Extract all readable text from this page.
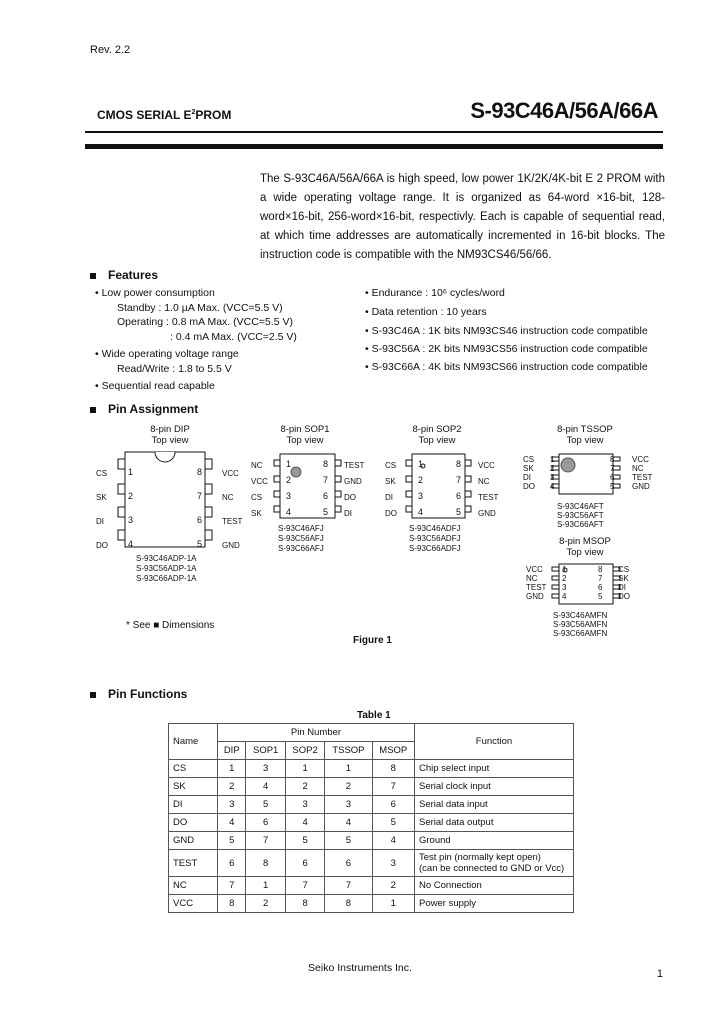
Rev. 2.2
CMOS SERIAL $E^2PROM$	S-93C46A/56A/66A
The S-93C46A/56A/66A is high speed, low power 1K/2K/4K-bit E 2 PROM with a wide operating voltage range. It is organized as 64-word ×16-bit, 128-word×16-bit, 256-word×16-bit, respectivly. Each is capable of sequential read, at which time addresses are automatically incremented in 16-bit blocks. The instruction code is compatible with the NM93CS46/56/66.
Features
• Low power consumption
Standby : 1.0 µA Max. (VCC=5.5 V)
Operating : 0.8 mA Max. (VCC=5.5 V)
: 0.4 mA Max. (VCC=2.5 V)
• Wide operating voltage range
Read/Write : 1.8 to 5.5 V
• Sequential read capable
• Endurance : 10⁶ cycles/word
• Data retention : 10 years
• S-93C46A : 1K bits NM93CS46 instruction code compatible
• S-93C56A : 2K bits NM93CS56 instruction code compatible
• S-93C66A : 4K bits NM93CS66 instruction code compatible
Pin Assignment
8-pin DIP
Top view
CS
SK
DI
DO
1
2
3
4
8
7
6
5
VCC
NC
TEST
GND
S-93C46ADP-1A
S-93C56ADP-1A
S-93C66ADP-1A
8-pin SOP1
Top view
NC
VCC
CS
SK
1
2
3
4
8
7
6
5
TEST
GND
DO
DI
S-93C46AFJ
S-93C56AFJ
S-93C66AFJ
8-pin SOP2
Top view
CS
SK
DI
DO
1
2
3
4
8
7
6
5
VCC
NC
TEST
GND
S-93C46ADFJ
S-93C56ADFJ
S-93C66ADFJ
8-pin TSSOP
Top view
CS
SK
DI
DO
1
2
3
4
8
7
6
5
VCC
NC
TEST
GND
S-93C46AFT
S-93C56AFT
S-93C66AFT
8-pin MSOP
Top view
VCC
NC
TEST
GND
1
2
3
4
8
7
6
5
CS
SK
DI
DO
S-93C46AMFN
S-93C56AMFN
S-93C66AMFN
* See ■ Dimensions
Figure 1
Pin Functions
Table 1
Name	Pin Number					Function
	DIP	SOP1	SOP2	TSSOP	MSOP	
CS	1	3	1	1	8	Chip select input

SK	2	4	2	2	7	Serial clock input

DI	3	5	3	3	6	Serial data input

DO	4	6	4	4	5	Serial data output

GND	5	7	5	5	4	Ground

TEST	6	8	6	6	3	Test pin (normally kept open)
(can be connected to GND or Vcc)

NC	7	1	7	7	2	No Connection

VCC	8	2	8	8	1	Power supply
Seiko Instruments Inc.	1
